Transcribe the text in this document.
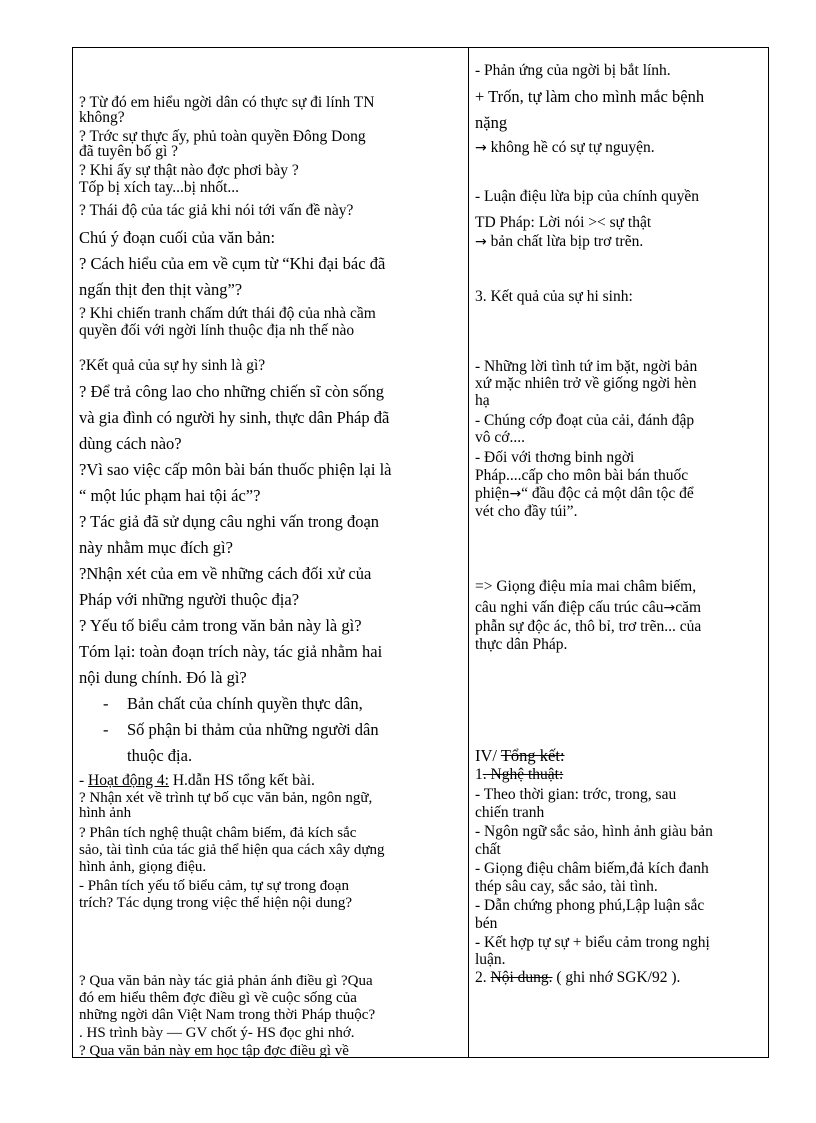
? Từ đó em hiểu ngời dân có thực sự đi lính TN
không?
? Trớc sự thực ấy, phủ toàn quyền Đông Dong
đã tuyên bố gì ?
? Khi ấy sự thật nào đợc phơi bày ?
Tốp bị xích tay...bị nhốt...
? Thái độ của tác giả khi nói tới vấn đề này?
Chú ý đoạn cuối của văn bản:
? Cách hiểu của em về cụm từ “Khi đại bác đã
ngấn thịt đen thịt vàng”?
? Khi chiến tranh chấm dứt thái độ của nhà cầm
quyền đối với ngời lính thuộc địa nh thế nào
?Kết quả của sự hy sinh là gì?
? Để trả công lao cho những chiến sĩ còn sống
và gia đình có người hy sinh, thực dân Pháp đã
dùng cách nào?
?Vì sao việc cấp môn bài bán thuốc phiện lại là
“ một lúc phạm hai tội ác”?
? Tác giả đã sử dụng câu nghi vấn trong đoạn
này nhằm mục đích gì?
?Nhận xét của em về những cách đối xử của
Pháp với những người thuộc địa?
? Yếu tố biểu cảm trong văn bản này là gì?
Tóm lại: toàn đoạn trích này, tác giả nhằm hai
nội dung chính. Đó là gì?
- Bản chất của chính quyền thực dân,
- Số phận bi thảm của những người dân
thuộc địa.
- Hoạt động 4: H.dẫn HS tổng kết bài.
? Nhận xét về trình tự bố cục văn bản, ngôn ngữ,
hình ảnh
? Phân tích nghệ thuật châm biếm, đả kích sắc
sảo, tài tình của tác giả thể hiện qua cách xây dựng
hình ảnh, giọng điệu.
- Phân tích yếu tố biểu cảm, tự sự trong đoạn
trích? Tác dụng trong việc thể hiện nội dung?
? Qua văn bản này tác giả phản ánh điều gì ?Qua
đó em hiểu thêm đợc điều gì về cuộc sống của
những ngời dân Việt Nam trong thời Pháp thuộc?
. HS trình bày — GV chốt ý- HS đọc ghi nhớ.
? Qua văn bản này em học tập đợc điều gì về
- Phản ứng của ngời bị bắt lính.
+ Trốn, tự làm cho mình mắc bệnh
nặng
→ không hề có sự tự nguyện.
- Luận điệu lừa bịp của chính quyền
TD Pháp: Lời nói >< sự thật
→ bản chất lừa bịp trơ trẽn.
3. Kết quả của sự hi sinh:
- Những lời tình tứ im bặt, ngời bản
xứ mặc nhiên trở về giống ngời hèn
hạ
- Chúng cớp đoạt của cải, đánh đập
vô cớ....
- Đối với thơng binh ngời
Pháp....cấp cho môn bài bán thuốc
phiện→“ đầu độc cả một dân tộc để
vét cho đầy túi”.
=> Giọng điệu mỉa mai châm biếm,
câu nghi vấn điệp cấu trúc câu→căm
phẫn sự độc ác, thô bỉ, trơ trẽn... của
thực dân Pháp.
IV/ Tổng kết:
1. Nghệ thuật:
- Theo thời gian: trớc, trong, sau
chiến tranh
- Ngôn ngữ sắc sảo, hình ảnh giàu bản
chất
- Giọng điệu châm biếm,đả kích đanh
thép sâu cay, sắc sảo, tài tình.
- Dẫn chứng phong phú,Lập luận sắc
bén
- Kết hợp tự sự + biểu cảm trong nghị
luận.
2. Nội dung. ( ghi nhớ SGK/92 ).
